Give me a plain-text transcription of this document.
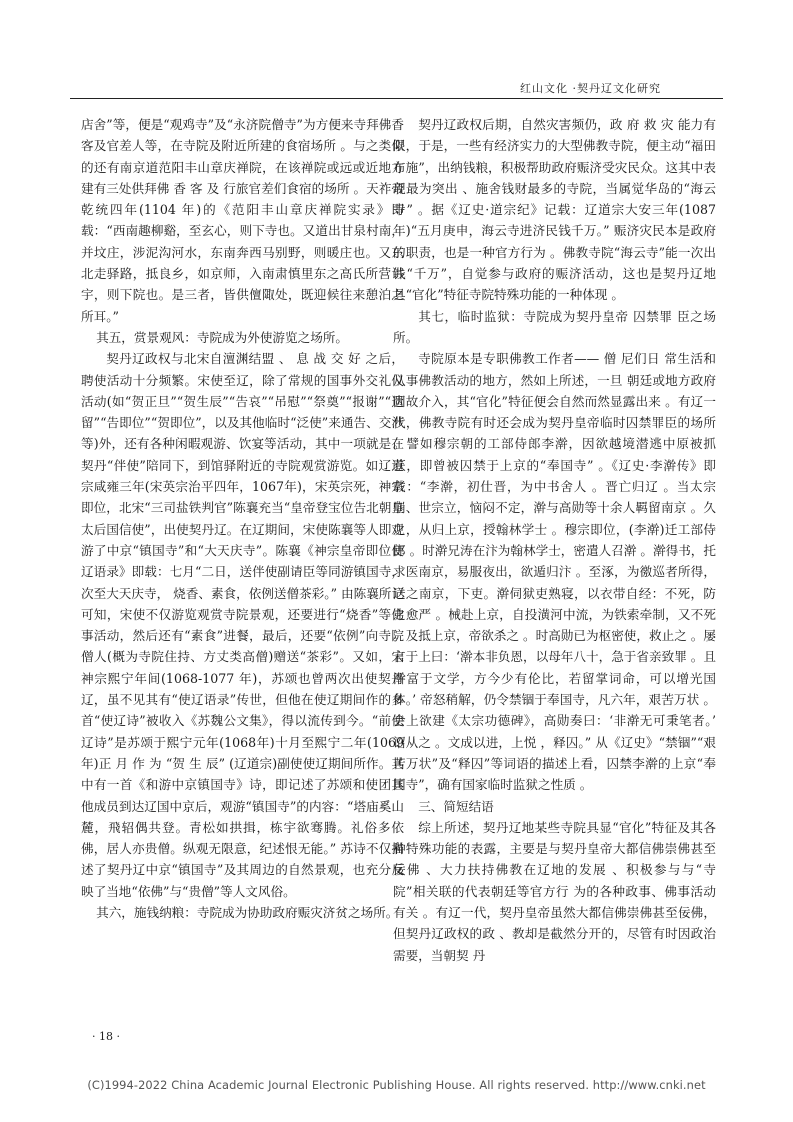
红山文化 ·契丹辽文化研究

店舍”等，便是“观鸡寺”及“永济院僧寺”为方便来寺拜佛香客及官差人等，在寺院及附近所建的食宿场所 。与之类似的还有南京道范阳丰山章庆禅院，在该禅院或远或近地方建有三处供拜佛 香 客 及 行旅官差们食宿的场所 。天祚帝乾统四年(1104 年)的《范阳丰山章庆禅院实录》即载：“西南趣柳谿，至玄心，则下寺也。又道出甘泉村南，并坟庄，涉泥沟河水，东南奔西马别野，则暖庄也。又东北走驿路，抵良乡，如京师，入南肃慎里东之高氏所营讲宇，则下院也。是三者，皆供儃陬处，既迎候往来憩泊之所耳。”

其五，赏景观风：寺院成为外使游览之场所。

契丹辽政权与北宋自澶渊结盟 、 息 战 交 好 之后，聘使活动十分频繁。宋使至辽，除了常规的国事外交礼仪活动(如“贺正旦”“贺生辰”“告哀”“吊慰”“祭奠”“报谢”“遗留”“告即位”“贺即位”，以及其他临时“泛使”来通告、交涉等)外，还有各种闲暇观游、饮宴等活动，其中一项就是在契丹“伴使”陪同下，到馆驿附近的寺院观赏游览。如辽道宗咸雍三年(宋英宗治平四年，1067年)，宋英宗死，神宗即位，北宋“三司盐铁判官”陈襄充当“皇帝登宝位告北朝皇太后国信使”，出使契丹辽。在辽期间，宋使陈襄等人即观游了中京“镇国寺”和“大天庆寺”。陈襄《神宗皇帝即位使辽语录》即载：七月“二日，送伴使副请臣等同游镇国寺， 次至大天庆寺， 烧香、素食，依例送僧茶彩。” 由陈襄所记可知，宋使不仅游览观赏寺院景观，还要进行“烧香”等佛事活动，然后还有“素食”进餐，最后，还要“依例”向寺院僧人(概为寺院住持、方丈类高僧)赠送“茶彩”。又如，宋神宗熙宁年间(1068-1077 年)，苏颂也曾两次出使契丹辽，虽不见其有“使辽语录”传世，但他在使辽期间作的多首“使辽诗”被收入《苏魏公文集》，得以流传到今。“前使辽诗”是苏颂于熙宁元年(1068年)十月至熙宁二年(1069 年)正 月 作 为 “贺 生 辰” (辽道宗)副使使辽期间所作。其中有一首《和游中京镇国寺》诗，即记述了苏颂和使团其他成员到达辽国中京后，观游“镇国寺”的内容：“塔庙奚山麓，飛轺偶共登。青松如拱揖，栋宇欲骞腾。礼俗多依佛，居人亦贵僧。纵观无限意，纪述恨无能。” 苏诗不仅描述了契丹辽中京“镇国寺”及其周边的自然景观，也充分反映了当地“依佛”与“贵僧”等人文风俗。

其六，施钱纳粮：寺院成为协助政府赈灾济贫之场所。

契丹辽政权后期，自然灾害频仍，政 府 救 灾 能力有限，于是，一些有经济实力的大型佛教寺院，便主动“福田布施”，出纳钱粮，积极帮助政府赈济受灾民众。这其中表现最为突出 、施舍钱财最多的寺院，当属觉华岛的“海云寺” 。据《辽史·道宗纪》记载：辽道宗大安三年(1087 年)“五月庚申，海云寺进济民钱千万。” 赈济灾民本是政府的职责，也是一种官方行为 。佛教寺院“海云寺”能一次出钱“千万”，自觉参与政府的赈济活动，这也是契丹辽地具“官化”特征寺院特殊功能的一种体现 。

其七，临时监狱：寺院成为契丹皇帝 囚禁罪 臣之场所。

寺院原本是专职佛教工作者—— 僧 尼们日 常生活和从事佛教活动的地方，然如上所述，一旦 朝廷或地方政府因故介入，其“官化”特征便会自然而然显露出来 。有辽一代，佛教寺院有时还会成为契丹皇帝临时囚禁罪臣的场所 。譬如穆宗朝的工部侍郎李澣，因欲越境潜逃中原被抓获，即曾被囚禁于上京的“奉国寺” 。《辽史·李澣传》即载：“李澣，初仕晋，为中书舍人 。晋亡归辽 。当太宗崩、世宗立，恼闷不定，澣与高勋等十余人羁留南京 。久之，从归上京，授翰林学士 。穆宗即位，(李澣)迁工部侍郎 。时澣兄涛在汴为翰林学士，密遣人召澣 。澣得书，托求医南京，易服夜出，欲遁归汴 。至涿，为徼巡者所得，送之南京，下吏。澣伺狱吏熟寝，以衣带自经：不死，防之愈严 。械赴上京，自投潢河中流，为铁索牵制，又不死 。及抵上京，帝欲杀之 。时高勋已为枢密使，救止之 。屡言于上曰：‘澣本非负恩，以母年八十，急于省亲致罪 。且澣富于文学，方今少有伦比，若留掌词命，可以增光国体。’ 帝怒稍解，仍令禁锢于奉国寺，凡六年，艰苦万状 。会上欲建《太宗功德碑》，高勋奏曰：‘非澣无可秉笔者。’ 诏从之 。文成以进，上悦 ，释囚。” 从《辽史》“禁锢”“艰苦万状”及“释囚”等词语的描述上看，囚禁李澣的上京“奉国寺”，确有国家临时监狱之性质 。

三、简短结语

综上所述，契丹辽地某些寺院具显“官化”特征及其各种特殊功能的表露，主要是与契丹皇帝大都信佛崇佛甚至佞佛 、大力扶持佛教在辽地的发展 、积极参与与“寺院”相关联的代表朝廷等官方行 为的各种政事、佛事活动有关 。有辽一代，契丹皇帝虽然大都信佛崇佛甚至佞佛， 但契丹辽政权的政 、教却是截然分开的，尽管有时因政治需要，当朝契 丹

· 18 ·
(C)1994-2022 China Academic Journal Electronic Publishing House. All rights reserved. http://www.cnki.net
